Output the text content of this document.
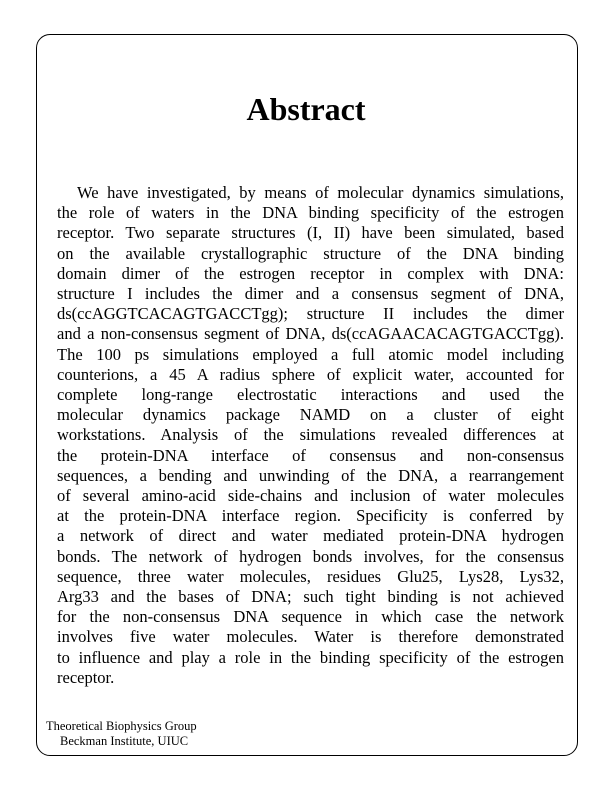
Abstract
We have investigated, by means of molecular dynamics simulations,
the role of waters in the DNA binding specificity of the estrogen
receptor. Two separate structures (I, II) have been simulated, based
on the available crystallographic structure of the DNA binding
domain dimer of the estrogen receptor in complex with DNA:
structure I includes the dimer and a consensus segment of DNA,
ds(ccAGGTCACAGTGACCTgg); structure II includes the dimer
and a non-consensus segment of DNA, ds(ccAGAACACAGTGACCTgg).
The 100 ps simulations employed a full atomic model including
counterions, a 45 A radius sphere of explicit water, accounted for
complete long-range electrostatic interactions and used the
molecular dynamics package NAMD on a cluster of eight
workstations. Analysis of the simulations revealed differences at
the protein-DNA interface of consensus and non-consensus
sequences, a bending and unwinding of the DNA, a rearrangement
of several amino-acid side-chains and inclusion of water molecules
at the protein-DNA interface region. Specificity is conferred by
a network of direct and water mediated protein-DNA hydrogen
bonds. The network of hydrogen bonds involves, for the consensus
sequence, three water molecules, residues Glu25, Lys28, Lys32,
Arg33 and the bases of DNA; such tight binding is not achieved
for the non-consensus DNA sequence in which case the network
involves five water molecules. Water is therefore demonstrated
to influence and play a role in the binding specificity of the estrogen
receptor.
Theoretical Biophysics Group
Beckman Institute, UIUC
